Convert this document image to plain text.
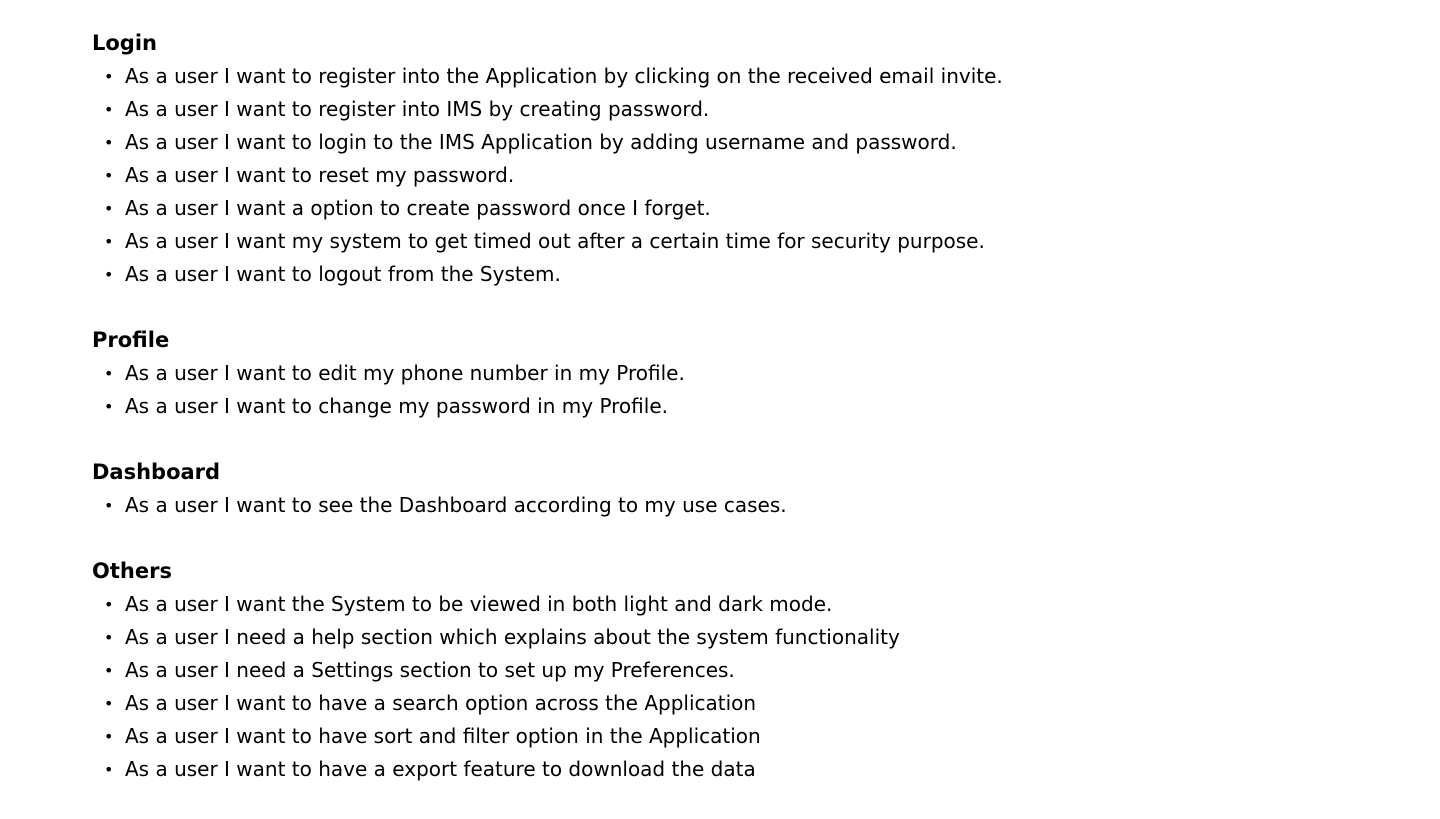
Login
• As a user I want to register into the Application by clicking on the received email invite.
• As a user I want to register into IMS by creating password.
• As a user I want to login to the IMS Application by adding username and password.
• As a user I want to reset my password.
• As a user I want a option to create password once I forget.
• As a user I want my system to get timed out after a certain time for security purpose.
• As a user I want to logout from the System.
Profile
• As a user I want to edit my phone number in my Profile.
• As a user I want to change my password in my Profile.
Dashboard
• As a user I want to see the Dashboard according to my use cases.
Others
• As a user I want the System to be viewed in both light and dark mode.
• As a user I need a help section which explains about the system functionality
• As a user I need a Settings section to set up my Preferences.
• As a user I want to have a search option across the Application
• As a user I want to have sort and filter option in the Application
• As a user I want to have a export feature to download the data
